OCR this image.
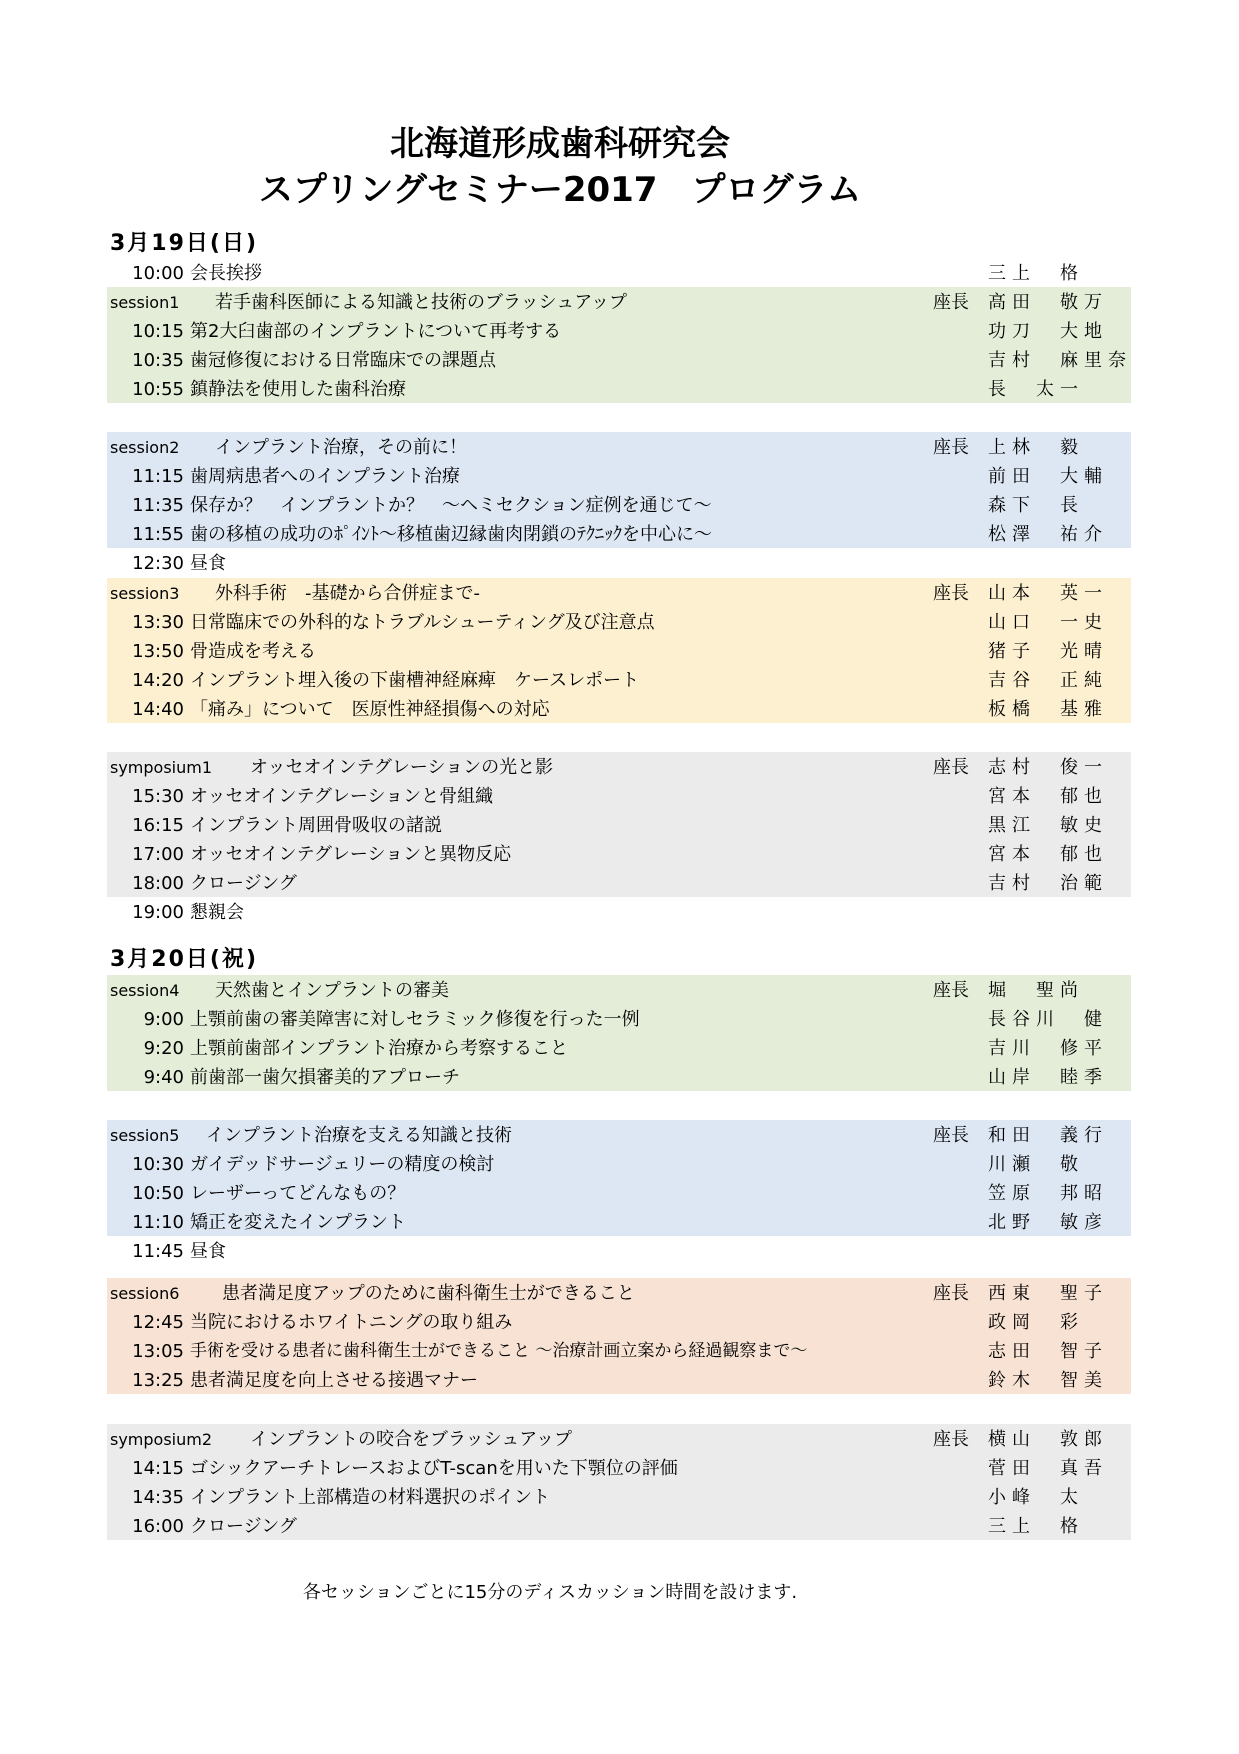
北海道形成歯科研究会
スプリングセミナー2017　プログラム
3月19日(日)
10:00 会長挨拶	三上　格
session1 若手歯科医師による知識と技術のブラッシュアップ	座長 高田　敬万
10:15 第2大臼歯部のインプラントについて再考する	功刀　大地
10:35 歯冠修復における日常臨床での課題点	吉村　麻里奈
10:55 鎮静法を使用した歯科治療	長　太一
session2 インプラント治療，その前に！	座長 上林　毅
11:15 歯周病患者へのインプラント治療	前田　大輔
11:35 保存か？　インプラントか？　～ヘミセクション症例を通じて～	森下　長
11:55 歯の移植の成功のﾎﾟｲﾝﾄ～移植歯辺縁歯肉閉鎖のﾃｸﾆｯｸを中心に～	松澤　祐介
12:30 昼食
session3 外科手術　-基礎から合併症まで-	座長 山本　英一
13:30 日常臨床での外科的なトラブルシューティング及び注意点	山口　一史
13:50 骨造成を考える	猪子　光晴
14:20 インプラント埋入後の下歯槽神経麻痺　ケースレポート	吉谷　正純
14:40 「痛み」について　医原性神経損傷への対応	板橋　基雅
symposium1 オッセオインテグレーションの光と影	座長 志村　俊一
15:30 オッセオインテグレーションと骨組織	宮本　郁也
16:15 インプラント周囲骨吸収の諸説	黒江　敏史
17:00 オッセオインテグレーションと異物反応	宮本　郁也
18:00 クロージング	吉村　治範
19:00 懇親会
3月20日(祝)
session4 天然歯とインプラントの審美	座長 堀　聖尚
9:00 上顎前歯の審美障害に対しセラミック修復を行った一例	長谷川　健
9:20 上顎前歯部インプラント治療から考察すること	吉川　修平
9:40 前歯部一歯欠損審美的アプローチ	山岸　睦季
session5 インプラント治療を支える知識と技術	座長 和田　義行
10:30 ガイデッドサージェリーの精度の検討	川瀬　敬
10:50 レーザーってどんなもの？	笠原　邦昭
11:10 矯正を変えたインプラント	北野　敏彦
11:45 昼食
session6 患者満足度アップのために歯科衛生士ができること	座長 西東　聖子
12:45 当院におけるホワイトニングの取り組み	政岡　彩
13:05 手術を受ける患者に歯科衛生士ができること ～治療計画立案から経過観察まで～	志田　智子
13:25 患者満足度を向上させる接遇マナー	鈴木　智美
symposium2 インプラントの咬合をブラッシュアップ	座長 横山　敦郎
14:15 ゴシックアーチトレースおよびT-scanを用いた下顎位の評価	菅田　真吾
14:35 インプラント上部構造の材料選択のポイント	小峰　太
16:00 クロージング	三上　格
各セッションごとに15分のディスカッション時間を設けます.
